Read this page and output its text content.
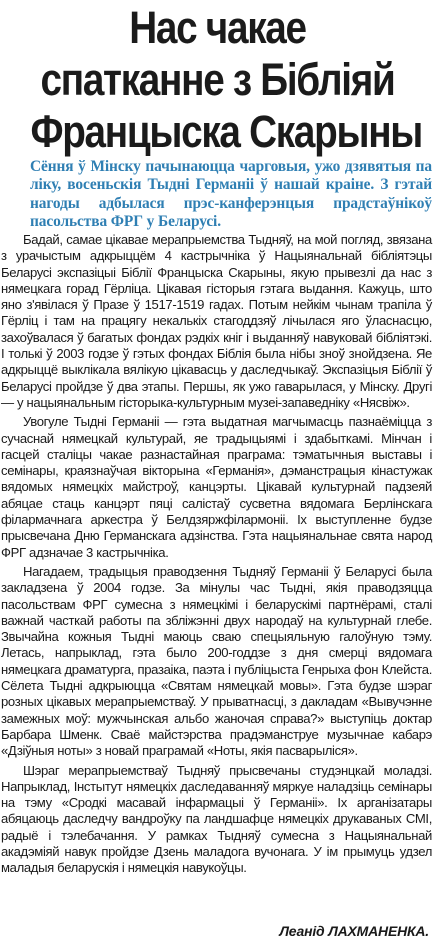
Нас чакае
спатканне з Бібліяй
Францыска Скарыны
Сёння ў Мінску пачынаюцца чарговыя, ужо дзявятыя па ліку, восеньскія Тыдні Германіі ў нашай краіне. З гэтай нагоды адбылася прэс-канферэнцыя прадстаўнікоў пасольства ФРГ у Беларусі.

Бадай, самае цікавае мерапрыемства Тыдняў, на мой погляд, звязана з урачыстым адкрыццём 4 кастрычніка ў Нацыянальнай бібліятэцы Беларусі экспазіцыі Біблії Францыска Скарыны, якую прывезлі да нас з нямецкага горад Гёрліца. Цікавая гісторыя гэтага выдання. Кажуць, што яно з'явілася ў Празе ў 1517-1519 гадах. Потым нейкім чынам трапіла ў Гёрліц і там на працягу некалькіх стагоддзяў лічылася яго ўласнасцю, захоўвалася ў багатых фондах рэдкіх кніг і выданняў навуковай бібліятэкі. І толькі ў 2003 годзе ў гэтых фондах Біблія была нібы зноў знойдзена. Яе адкрыццё выклікала вялікую цікавасць у даследчыкаў. Экспазіцыя Біблії ў Беларусі пройдзе ў два этапы. Першы, як ужо гаварылася, у Мінску. Другі — у нацыянальным гісторыка-культурным музеі-запаведніку «Нясвіж».

Увогуле Тыдні Германіі — гэта выдатная магчымасць пазнаёміцца з сучаснай нямецкай культурай, яе традыцыямі і здабыткамі. Мінчан і гасцей сталіцы чакае разнастайная праграма: тэматычныя выставы і семінары, краязнаўчая вікторына «Германія», дэманстрацыя кінастужак вядомых нямецкіх майстроў, канцэрты. Цікавай культурнай падзеяй абяцае стаць канцэрт пяці салістаў сусветна вядомага Берлінскага філармачнага аркестра ў Белдзяржфілармоніі. Іх выступленне будзе прысвечана Дню Германскага адзінства. Гэта нацыянальнае свята народ ФРГ адзначае 3 кастрычніка.

Нагадаем, традыцыя праводзення Тыдняў Германіі ў Беларусі была закладзена ў 2004 годзе. За мінулы час Тыдні, якія праводзяцца пасольствам ФРГ сумесна з нямецкімі і беларускімі партнёрамі, сталі важнай часткай работы па збліжэнні двух народаў на культурнай глебе. Звычайна кожныя Тыдні маюць сваю спецыяльную галоўную тэму. Летась, напрыклад, гэта было 200-годдзе з дня смерці вядомага нямецкага драматурга, празаіка, паэта і публіцыста Генрыха фон Клейста. Сёлета Тыдні адкрыюцца «Святам нямецкай мовы». Гэта будзе шэраг розных цікавых мерапрыемстваў. У прыватнасці, з дакладам «Вывучэнне замежных моў: мужчынская альбо жаночая справа?» выступіць доктар Барбара Шменк. Сваё майстэрства прадэманструе музычнае кабарэ «Дзіўныя ноты» з новай праграмай «Ноты, якія пасварыліся».

Шэраг мерапрыемстваў Тыдняў прысвечаны студэнцкай моладзі. Напрыклад, Інстытут нямецкіх даследаванняў мяркуе наладзіць семінары на тэму «Сродкі масавай інфармацыі ў Германіі». Іх арганізатары абяцаюць даследчу вандроўку па ландшафце нямецкіх друкаваных СМІ, радыё і тэлебачання. У рамках Тыдняў сумесна з Нацыянальнай акадэміяй навук пройдзе Дзень маладога вучонага. У ім прымуць удзел маладыя беларускія і нямецкія навукоўцы.

Леанід ЛАХМАНЕНКА.
